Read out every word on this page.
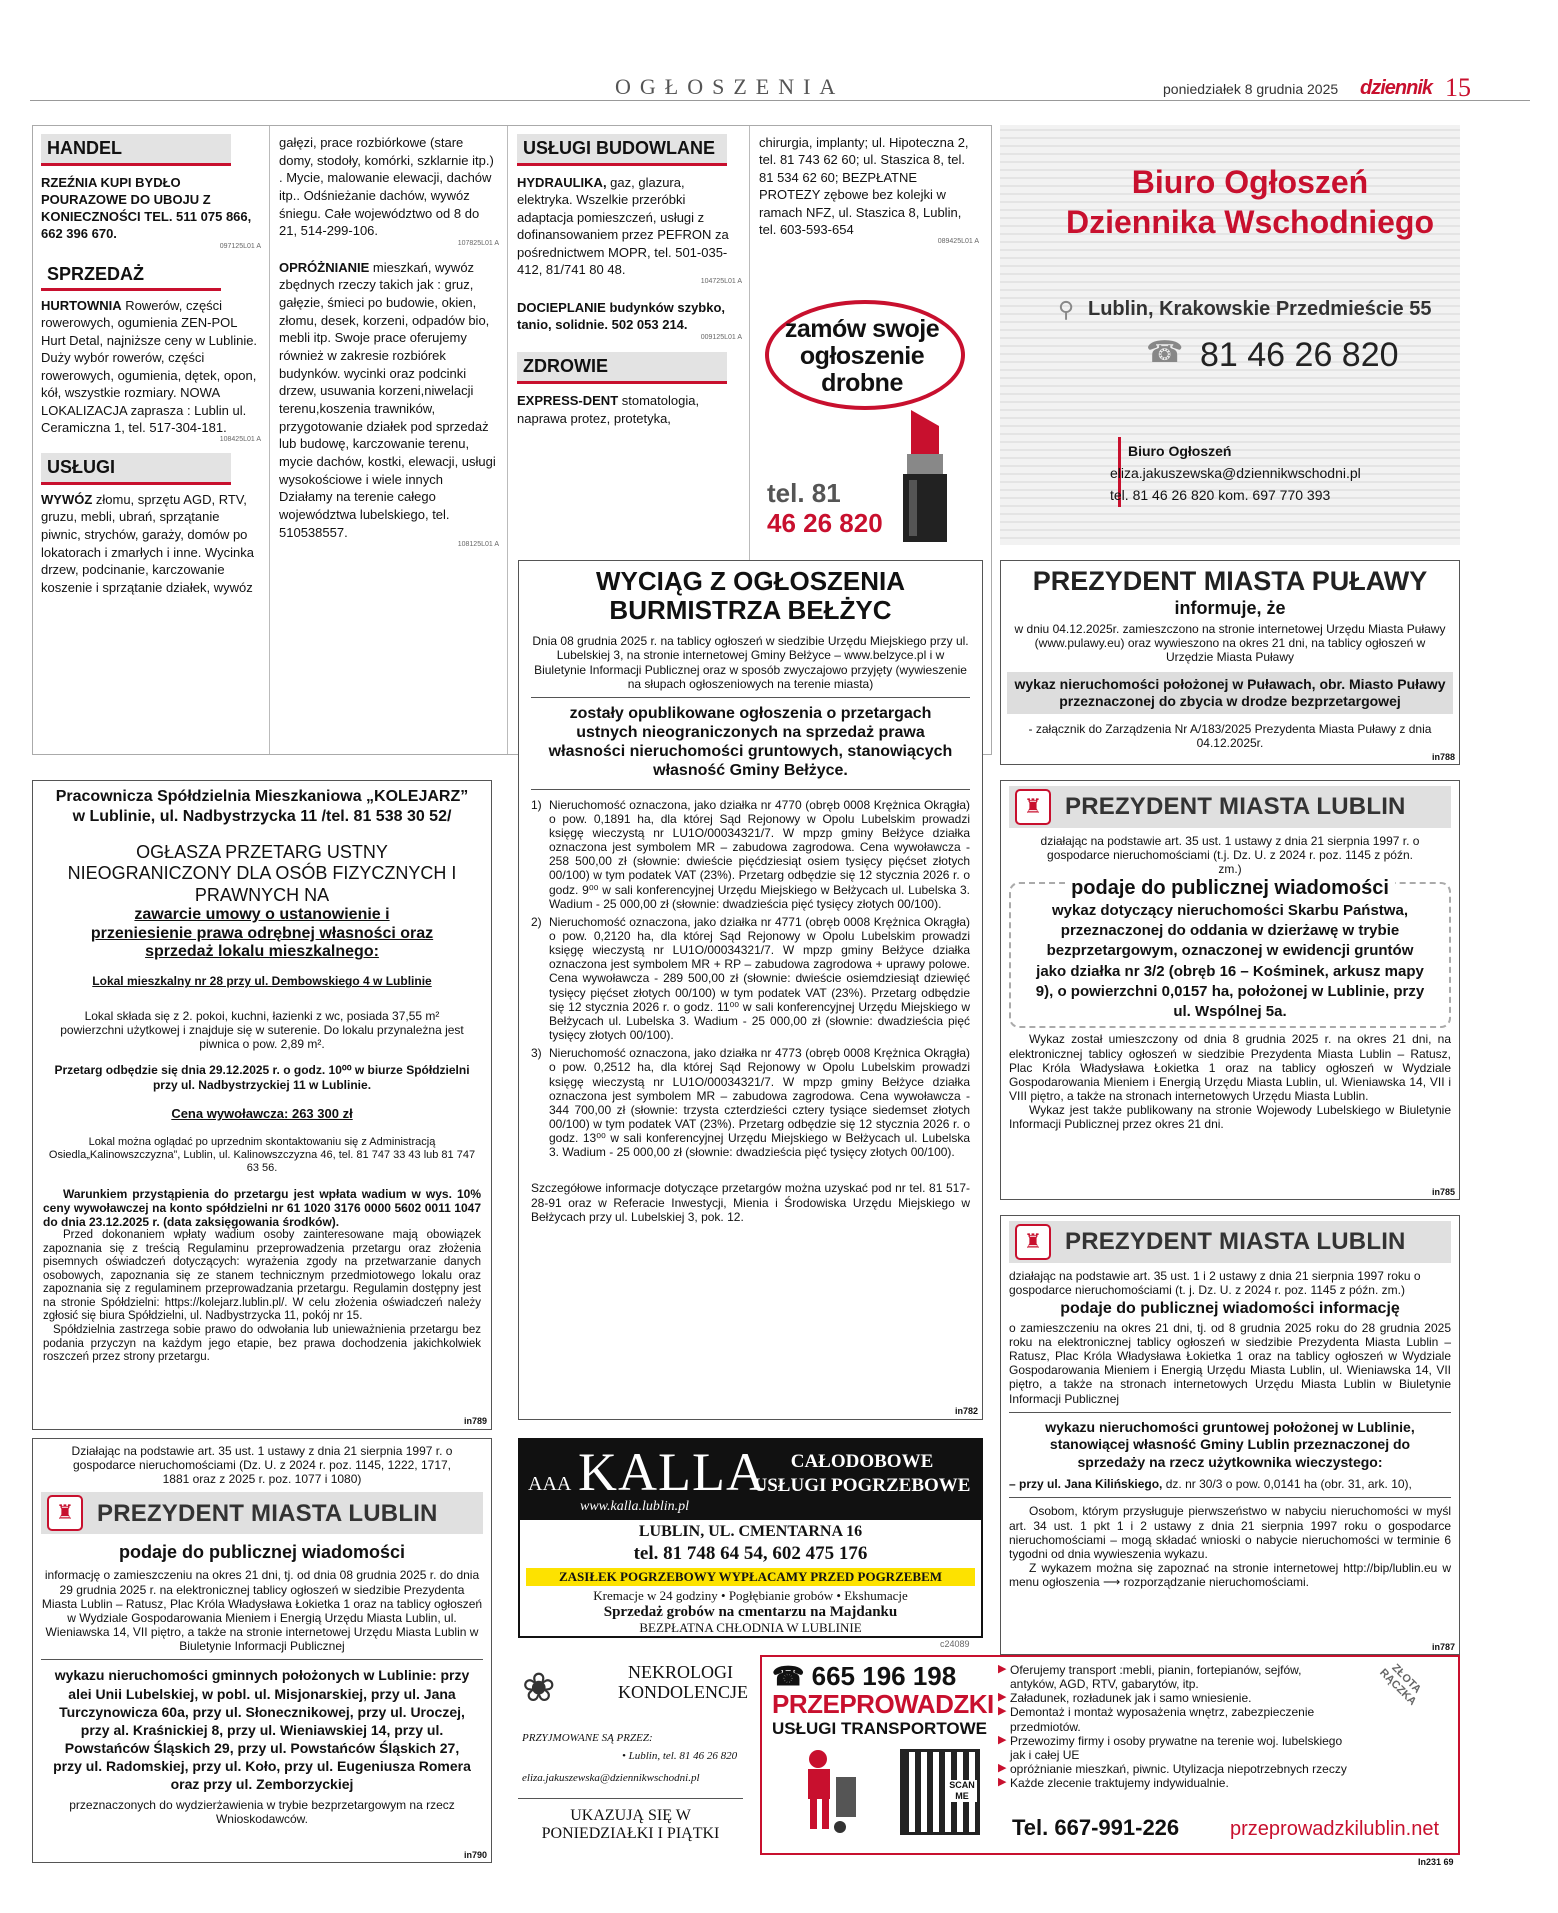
OGŁOSZENIA	poniedziałek 8 grudnia 2025 dziennik 15
HANDEL

RZEŹNIA KUPI BYDŁO POURAZOWE DO UBOJU Z KONIECZNOŚCI TEL. 511 075 866, 662 396 670.

097125L01 A
SPRZEDAŻ

HURTOWNIA Rowerów, części rowerowych, ogumienia ZEN-POL Hurt Detal, najniższe ceny w Lublinie. Duży wybór rowerów, części rowerowych, ogumienia, dętek, opon, kół, wszystkie rozmiary. NOWA LOKALIZACJA zaprasza : Lublin ul. Ceramiczna 1, tel. 517-304-181.

108425L01 A
USŁUGI

WYWÓZ złomu, sprzętu AGD, RTV, gruzu, mebli, ubrań, sprzątanie piwnic, strychów, garaży, domów po lokatorach i zmarłych i inne. Wycinka drzew, podcinanie, karczowanie koszenie i sprzątanie działek, wywóz

gałęzi, prace rozbiórkowe (stare domy, stodoły, komórki, szklarnie itp.) . Mycie, malowanie elewacji, dachów itp.. Odśnieżanie dachów, wywóz śniegu. Całe województwo od 8 do 21, 514-299-106.

107825L01 A

OPRÓŻNIANIE mieszkań, wywóz zbędnych rzeczy takich jak : gruz, gałęzie, śmieci po budowie, okien, złomu, desek, korzeni, odpadów bio, mebli itp. Swoje prace oferujemy również w zakresie rozbiórek budynków. wycinki oraz podcinki drzew, usuwania korzeni,niwelacji terenu,koszenia trawników, przygotowanie działek pod sprzedaż lub budowę, karczowanie terenu, mycie dachów, kostki, elewacji, usługi wysokościowe i wiele innych Działamy na terenie całego województwa lubelskiego, tel. 510538557.

108125L01 A
USŁUGI BUDOWLANE

HYDRAULIKA, gaz, glazura, elektryka. Wszelkie przeróbki adaptacja pomieszczeń, usługi z dofinansowaniem przez PEFRON za pośrednictwem MOPR, tel. 501-035-412, 81/741 80 48.

104725L01 A

DOCIEPLANIE budynków szybko, tanio, solidnie. 502 053 214.

009125L01 A
ZDROWIE

EXPRESS-DENT stomatologia, naprawa protez, protetyka,

chirurgia, implanty; ul. Hipoteczna 2, tel. 81 743 62 60; ul. Staszica 8, tel. 81 534 62 60; BEZPŁATNE PROTEZY zębowe bez kolejki w ramach NFZ, ul. Staszica 8, Lublin, tel. 603-593-654

089425L01 A
zamów swoje ogłoszenie drobne
tel. 81
46 26 820
Biuro Ogłoszeń
Dziennika Wschodniego
⚲ Lublin, Krakowskie Przedmieście 55
☎ 81 46 26 820
Biuro Ogłoszeń
eliza.jakuszewska@dziennikwschodni.pl
tel. 81 46 26 820 kom. 697 770 393
Pracownicza Spółdzielnia Mieszkaniowa „KOLEJARZ”
w Lublinie, ul. Nadbystrzycka 11 /tel. 81 538 30 52/
OGŁASZA PRZETARG USTNY NIEOGRANICZONY DLA OSÓB FIZYCZNYCH I PRAWNYCH NA
zawarcie umowy o ustanowienie i przeniesienie prawa odrębnej własności oraz sprzedaż lokalu mieszkalnego:
Lokal mieszkalny nr 28 przy ul. Dembowskiego 4 w Lublinie
Lokal składa się z 2. pokoi, kuchni, łazienki z wc, posiada 37,55 m² powierzchni użytkowej i znajduje się w suterenie. Do lokalu przynależna jest piwnica o pow. 2,89 m².
Przetarg odbędzie się dnia 29.12.2025 r. o godz. 10⁰⁰ w biurze Spółdzielni przy ul. Nadbystrzyckiej 11 w Lublinie.
Cena wywoławcza: 263 300 zł
Lokal można oglądać po uprzednim skontaktowaniu się z Administracją Osiedla„Kalinowszczyzna”, Lublin, ul. Kalinowszczyzna 46, tel. 81 747 33 43 lub 81 747 63 56.
Warunkiem przystąpienia do przetargu jest wpłata wadium w wys. 10% ceny wywoławczej na konto spółdzielni nr 61 1020 3176 0000 5602 0011 1047 do dnia 23.12.2025 r. (data zaksięgowania środków).
Przed dokonaniem wpłaty wadium osoby zainteresowane mają obowiązek zapoznania się z treścią Regulaminu przeprowadzenia przetargu oraz złożenia pisemnych oświadczeń dotyczących: wyrażenia zgody na przetwarzanie danych osobowych, zapoznania się ze stanem technicznym przedmiotowego lokalu oraz zapoznania się z regulaminem przeprowadzania przetargu. Regulamin dostępny jest na stronie Spółdzielni: https://kolejarz.lublin.pl/. W celu złożenia oświadczeń należy zgłosić się biura Spółdzielni, ul. Nadbystrzycka 11, pokój nr 15.
Spółdzielnia zastrzega sobie prawo do odwołania lub unieważnienia przetargu bez podania przyczyn na każdym jego etapie, bez prawa dochodzenia jakichkolwiek roszczeń przez strony przetargu.
in789
WYCIĄG Z OGŁOSZENIA
BURMISTRZA BEŁŻYC
Dnia 08 grudnia 2025 r. na tablicy ogłoszeń w siedzibie Urzędu Miejskiego przy ul. Lubelskiej 3, na stronie internetowej Gminy Bełżyce – www.belzyce.pl i w Biuletynie Informacji Publicznej oraz w sposób zwyczajowo przyjęty (wywieszenie na słupach ogłoszeniowych na terenie miasta)
zostały opublikowane ogłoszenia o przetargach ustnych nieograniczonych na sprzedaż prawa własności nieruchomości gruntowych, stanowiących własność Gminy Bełżyce.
1) Nieruchomość oznaczona, jako działka nr 4770 (obręb 0008 Krężnica Okrągła) o pow. 0,1891 ha, dla której Sąd Rejonowy w Opolu Lubelskim prowadzi księgę wieczystą nr LU1O/00034321/7. W mpzp gminy Bełżyce działka oznaczona jest symbolem MR – zabudowa zagrodowa. Cena wywoławcza - 258 500,00 zł (słownie: dwieście pięćdziesiąt osiem tysięcy pięćset złotych 00/100) w tym podatek VAT (23%). Przetarg odbędzie się 12 stycznia 2026 r. o godz. 9⁰⁰ w sali konferencyjnej Urzędu Miejskiego w Bełżycach ul. Lubelska 3. Wadium - 25 000,00 zł (słownie: dwadzieścia pięć tysięcy złotych 00/100).
2) Nieruchomość oznaczona, jako działka nr 4771 (obręb 0008 Krężnica Okrągła) o pow. 0,2120 ha, dla której Sąd Rejonowy w Opolu Lubelskim prowadzi księgę wieczystą nr LU1O/00034321/7. W mpzp gminy Bełżyce działka oznaczona jest symbolem MR + RP – zabudowa zagrodowa + uprawy polowe. Cena wywoławcza - 289 500,00 zł (słownie: dwieście osiemdziesiąt dziewięć tysięcy pięćset złotych 00/100) w tym podatek VAT (23%). Przetarg odbędzie się 12 stycznia 2026 r. o godz. 11⁰⁰ w sali konferencyjnej Urzędu Miejskiego w Bełżycach ul. Lubelska 3. Wadium - 25 000,00 zł (słownie: dwadzieścia pięć tysięcy złotych 00/100).
3) Nieruchomość oznaczona, jako działka nr 4773 (obręb 0008 Krężnica Okrągła) o pow. 0,2512 ha, dla której Sąd Rejonowy w Opolu Lubelskim prowadzi księgę wieczystą nr LU1O/00034321/7. W mpzp gminy Bełżyce działka oznaczona jest symbolem MR – zabudowa zagrodowa. Cena wywoławcza - 344 700,00 zł (słownie: trzysta czterdzieści cztery tysiące siedemset złotych 00/100) w tym podatek VAT (23%). Przetarg odbędzie się 12 stycznia 2026 r. o godz. 13⁰⁰ w sali konferencyjnej Urzędu Miejskiego w Bełżycach ul. Lubelska 3. Wadium - 25 000,00 zł (słownie: dwadzieścia pięć tysięcy złotych 00/100).
Szczegółowe informacje dotyczące przetargów można uzyskać pod nr tel. 81 517-28-91 oraz w Referacie Inwestycji, Mienia i Środowiska Urzędu Miejskiego w Bełżycach przy ul. Lubelskiej 3, pok. 12.
in782
PREZYDENT MIASTA PUŁAWY
informuje, że
w dniu 04.12.2025r. zamieszczono na stronie internetowej Urzędu Miasta Puławy (www.pulawy.eu) oraz wywieszono na okres 21 dni, na tablicy ogłoszeń w Urzędzie Miasta Puławy
wykaz nieruchomości położonej w Puławach, obr. Miasto Puławy przeznaczonej do zbycia w drodze bezprzetargowej
- załącznik do Zarządzenia Nr A/183/2025 Prezydenta Miasta Puławy z dnia 04.12.2025r.
in788
♜ PREZYDENT MIASTA LUBLIN
działając na podstawie art. 35 ust. 1 ustawy z dnia 21 sierpnia 1997 r. o gospodarce nieruchomościami (t.j. Dz. U. z 2024 r. poz. 1145 z późn. zm.)
podaje do publicznej wiadomości
wykaz dotyczący nieruchomości Skarbu Państwa, przeznaczonej do oddania w dzierżawę w trybie bezprzetargowym, oznaczonej w ewidencji gruntów jako działka nr 3/2 (obręb 16 – Kośminek, arkusz mapy 9), o powierzchni 0,0157 ha, położonej w Lublinie, przy ul. Wspólnej 5a.
Wykaz został umieszczony od dnia 8 grudnia 2025 r. na okres 21 dni, na elektronicznej tablicy ogłoszeń w siedzibie Prezydenta Miasta Lublin – Ratusz, Plac Króla Władysława Łokietka 1 oraz na tablicy ogłoszeń w Wydziale Gospodarowania Mieniem i Energią Urzędu Miasta Lublin, ul. Wieniawska 14, VII i VIII piętro, a także na stronach internetowych Urzędu Miasta Lublin.
Wykaz jest także publikowany na stronie Wojewody Lubelskiego w Biuletynie Informacji Publicznej przez okres 21 dni.
in785
♜ PREZYDENT MIASTA LUBLIN
działając na podstawie art. 35 ust. 1 i 2 ustawy z dnia 21 sierpnia 1997 roku o gospodarce nieruchomościami (t. j. Dz. U. z 2024 r. poz. 1145 z późn. zm.)
podaje do publicznej wiadomości informację
o zamieszczeniu na okres 21 dni, tj. od 8 grudnia 2025 roku do 28 grudnia 2025 roku na elektronicznej tablicy ogłoszeń w siedzibie Prezydenta Miasta Lublin – Ratusz, Plac Króla Władysława Łokietka 1 oraz na tablicy ogłoszeń w Wydziale Gospodarowania Mieniem i Energią Urzędu Miasta Lublin, ul. Wieniawska 14, VII piętro, a także na stronach internetowych Urzędu Miasta Lublin w Biuletynie Informacji Publicznej
wykazu nieruchomości gruntowej położonej w Lublinie, stanowiącej własność Gminy Lublin przeznaczonej do sprzedaży na rzecz użytkownika wieczystego:
– przy ul. Jana Kilińskiego, dz. nr 30/3 o pow. 0,0141 ha (obr. 31, ark. 10),
Osobom, którym przysługuje pierwszeństwo w nabyciu nieruchomości w myśl art. 34 ust. 1 pkt 1 i 2 ustawy z dnia 21 sierpnia 1997 roku o gospodarce nieruchomościami – mogą składać wnioski o nabycie nieruchomości w terminie 6 tygodni od dnia wywieszenia wykazu.
Z wykazem można się zapoznać na stronie internetowej http://bip/lublin.eu w menu ogłoszenia ⟶ rozporządzanie nieruchomościami.
in787
Działając na podstawie art. 35 ust. 1 ustawy z dnia 21 sierpnia 1997 r. o gospodarce nieruchomościami (Dz. U. z 2024 r. poz. 1145, 1222, 1717, 1881 oraz z 2025 r. poz. 1077 i 1080)
♜ PREZYDENT MIASTA LUBLIN
podaje do publicznej wiadomości
informację o zamieszczeniu na okres 21 dni, tj. od dnia 08 grudnia 2025 r. do dnia 29 grudnia 2025 r. na elektronicznej tablicy ogłoszeń w siedzibie Prezydenta Miasta Lublin – Ratusz, Plac Króla Władysława Łokietka 1 oraz na tablicy ogłoszeń w Wydziale Gospodarowania Mieniem i Energią Urzędu Miasta Lublin, ul. Wieniawska 14, VII piętro, a także na stronie internetowej Urzędu Miasta Lublin w Biuletynie Informacji Publicznej
wykazu nieruchomości gminnych położonych w Lublinie: przy alei Unii Lubelskiej, w pobl. ul. Misjonarskiej, przy ul. Jana Turczynowicza 60a, przy ul. Słonecznikowej, przy ul. Uroczej, przy al. Kraśnickiej 8, przy ul. Wieniawskiej 14, przy ul. Powstańców Śląskich 29, przy ul. Powstańców Śląskich 27, przy ul. Radomskiej, przy ul. Koło, przy ul. Eugeniusza Romera oraz przy ul. Zemborzyckiej
przeznaczonych do wydzierżawienia w trybie bezprzetargowym na rzecz Wnioskodawców.
in790
AAA KALLA
www.kalla.lublin.pl
CAŁODOBOWE USŁUGI POGRZEBOWE
LUBLIN, UL. CMENTARNA 16
tel. 81 748 64 54, 602 475 176
ZASIŁEK POGRZEBOWY WYPŁACAMY PRZED POGRZEBEM
Kremacje w 24 godziny • Pogłębianie grobów • Ekshumacje
Sprzedaż grobów na cmentarzu na Majdanku
BEZPŁATNA CHŁODNIA W LUBLINIE
c24089
❀	NEKROLOGI
KONDOLENCJE
PRZYJMOWANE SĄ PRZEZ:
• Lublin, tel. 81 46 26 820
eliza.jakuszewska@dziennikwschodni.pl
UKAZUJĄ SIĘ W
PONIEDZIAŁKI I PIĄTKI
☎ 665 196 198
PRZEPROWADZKI
USŁUGI TRANSPORTOWE
SCAN ME
▶ Oferujemy transport :mebli, pianin, fortepianów, sejfów, antyków, AGD, RTV, gabarytów, itp.
▶ Załadunek, rozładunek jak i samo wniesienie.
▶ Demontaż i montaż wyposażenia wnętrz, zabezpieczenie przedmiotów.
▶ Przewozimy firmy i osoby prywatne na terenie woj. lubelskiego jak i całej UE
▶ opróżnianie mieszkań, piwnic. Utylizacja niepotrzebnych rzeczy
▶ Każde zlecenie traktujemy indywidualnie.
ZŁOTA RĄCZKA
Tel. 667-991-226	przeprowadzkilublin.net
In231 69
